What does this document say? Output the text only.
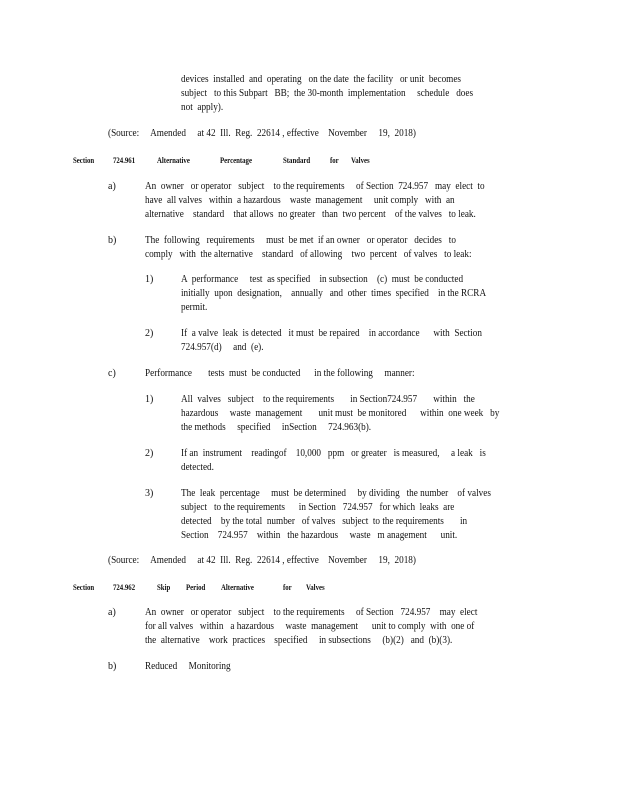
devices  installed  and  operating   on the date  the facility   or unit  becomes
subject   to this Subpart   BB;  the 30-month  implementation     schedule   does
not  apply).
(Source:     Amended     at 42  Ill.  Reg.  22614 , effective    November     19,  2018)
Section 724.961	Alternative	Percentage	Standard for Valves
a)	An  owner   or operator   subject    to the requirements     of Section  724.957   may  elect  to
have  all valves   within  a hazardous    waste  management     unit comply   with  an
alternative    standard    that allows  no greater   than  two percent    of the valves   to leak.
b)	The  following   requirements     must  be met  if an owner   or operator   decides   to
comply   with  the alternative    standard   of allowing    two  percent   of valves   to leak:
1)	A  performance     test  as specified    in subsection    (c)  must  be conducted
initially  upon  designation,    annually   and  other  times  specified    in the RCRA
permit.
2)	If  a valve  leak  is detected   it must  be repaired    in accordance      with  Section
724.957(d)     and  (e).
c)	Performance       tests  must  be conducted      in the following     manner:
1)	All  valves   subject    to the requirements       in Section724.957       within   the
hazardous     waste  management       unit must  be monitored      within  one week   by
the methods     specified     inSection     724.963(b).
2)	If an  instrument    readingof    10,000   ppm   or greater   is measured,     a leak   is
detected.
3)	The  leak  percentage     must  be determined     by dividing   the number    of valves
subject   to the requirements      in Section   724.957   for which  leaks  are
detected    by the total  number   of valves   subject  to the requirements       in
Section    724.957    within   the hazardous     waste   m anagement      unit.
(Source:     Amended     at 42  Ill.  Reg.  22614 , effective    November     19,  2018)
Section 724.962	Skip Period Alternative	for Valves
a)	An  owner   or operator   subject    to the requirements     of Section   724.957    may  elect
for all valves   within   a hazardous     waste  management      unit to comply  with  one of
the  alternative    work  practices    specified     in subsections     (b)(2)   and  (b)(3).
b)	Reduced     Monitoring
